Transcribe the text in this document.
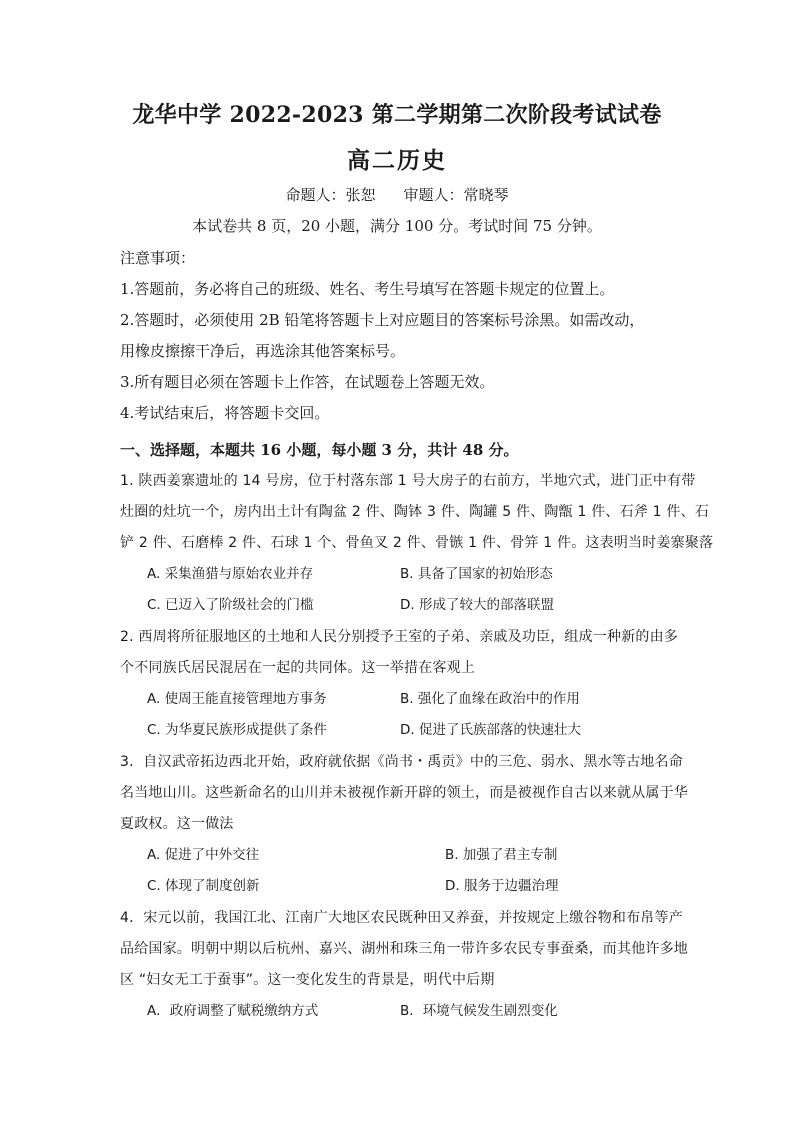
龙华中学 2022-2023 第二学期第二次阶段考试试卷
高二历史
命题人：张恕 审题人：常晓琴
本试卷共 8 页，20 小题，满分 100 分。考试时间 75 分钟。
注意事项：
1.答题前，务必将自己的班级、姓名、考生号填写在答题卡规定的位置上。
2.答题时，必须使用 2B 铅笔将答题卡上对应题目的答案标号涂黑。如需改动，
用橡皮擦擦干净后，再选涂其他答案标号。
3.所有题目必须在答题卡上作答，在试题卷上答题无效。
4.考试结束后，将答题卡交回。
一、选择题，本题共 16 小题，每小题 3 分，共计 48 分。
1. 陕西姜寨遗址的 14 号房，位于村落东部 1 号大房子的右前方，半地穴式，进门正中有带
灶圈的灶坑一个，房内出土计有陶盆 2 件、陶钵 3 件、陶罐 5 件、陶甑 1 件、石斧 1 件、石
铲 2 件、石磨棒 2 件、石球 1 个、骨鱼叉 2 件、骨镞 1 件、骨笄 1 件。这表明当时姜寨聚落
A. 采集渔猎与原始农业并存	B. 具备了国家的初始形态
C. 已迈入了阶级社会的门槛	D. 形成了较大的部落联盟
2. 西周将所征服地区的土地和人民分别授予王室的子弟、亲戚及功臣，组成一种新的由多
个不同族氏居民混居在一起的共同体。这一举措在客观上
A. 使周王能直接管理地方事务	B. 强化了血缘在政治中的作用
C. 为华夏民族形成提供了条件	D. 促进了氏族部落的快速壮大
3．自汉武帝拓边西北开始，政府就依据《尚书・禹贡》中的三危、弱水、黑水等古地名命
名当地山川。这些新命名的山川并未被视作新开辟的领土，而是被视作自古以来就从属于华
夏政权。这一做法
A. 促进了中外交往	B. 加强了君主专制
C. 体现了制度创新	D. 服务于边疆治理
4．宋元以前，我国江北、江南广大地区农民既种田又养蚕，并按规定上缴谷物和布帛等产
品给国家。明朝中期以后杭州、嘉兴、湖州和珠三角一带许多农民专事蚕桑，而其他许多地
区 “妇女无工于蚕事”。这一变化发生的背景是，明代中后期
A．政府调整了赋税缴纳方式	B．环境气候发生剧烈变化
